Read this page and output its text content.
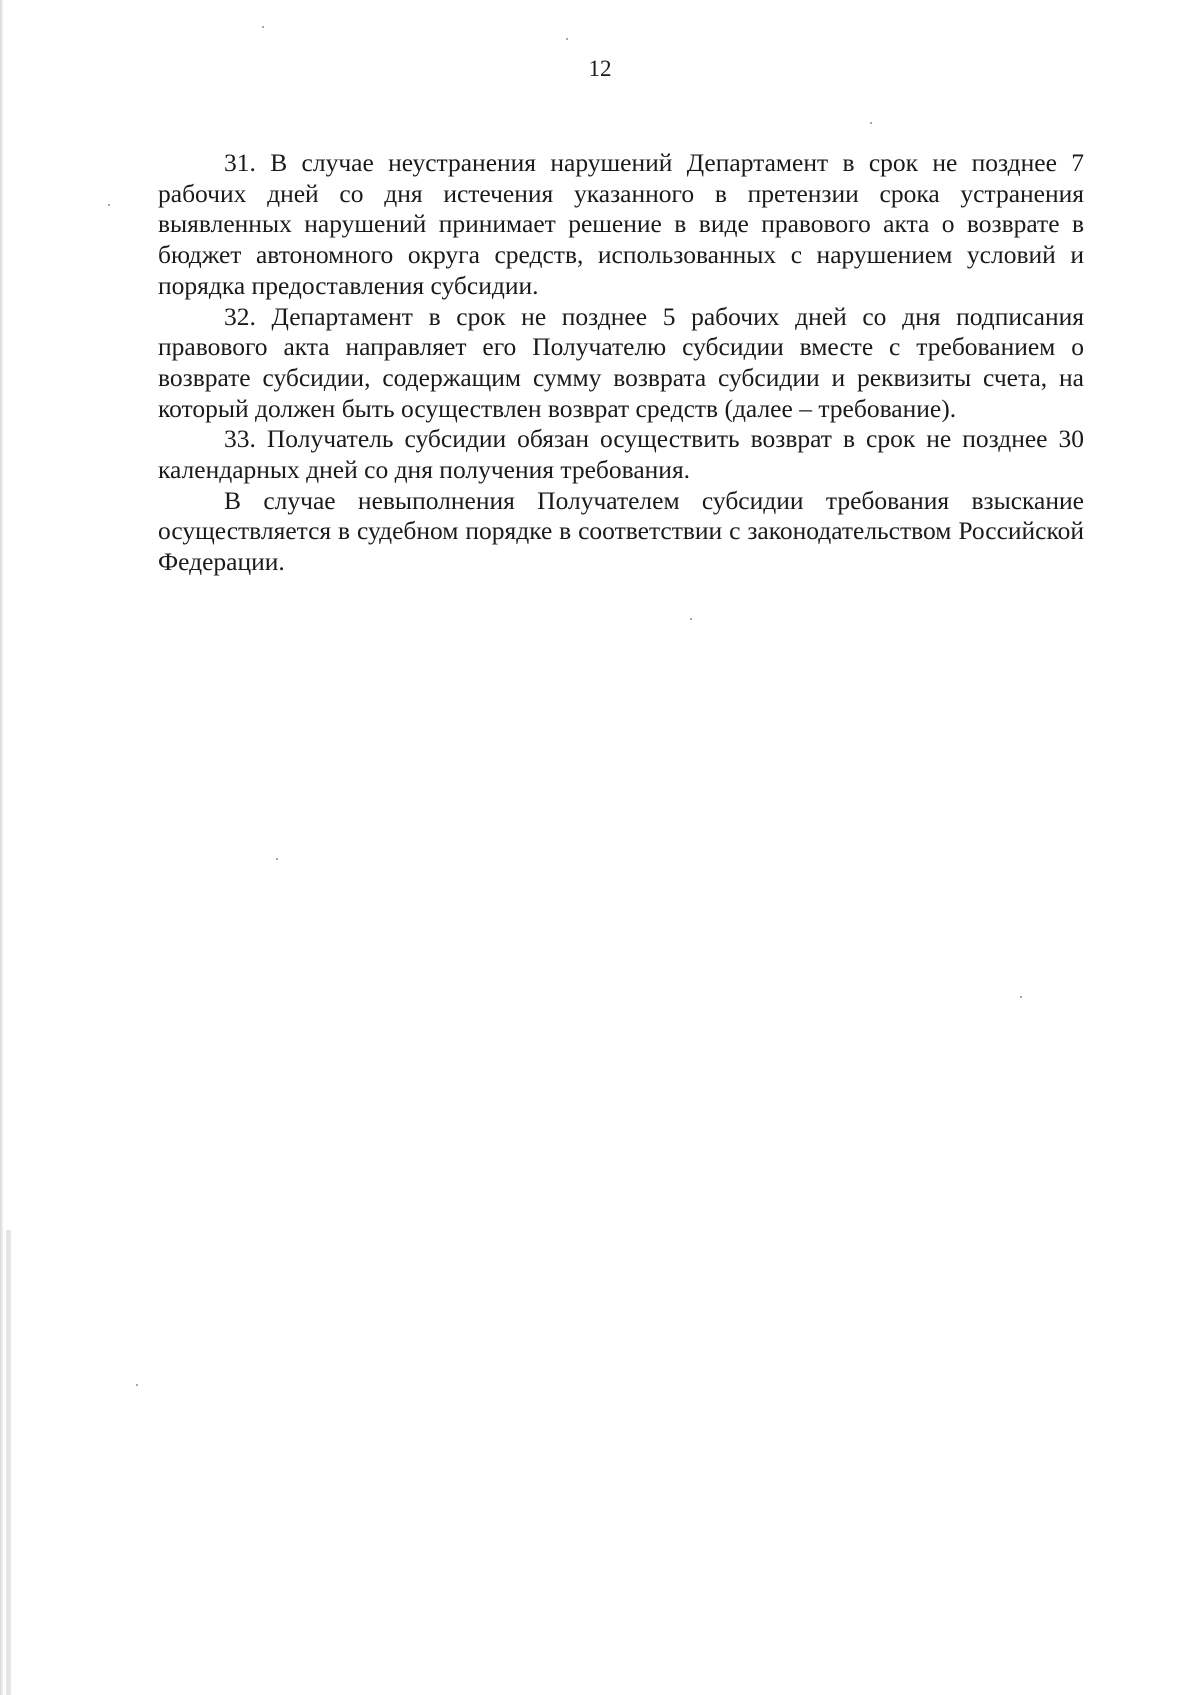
12

31. В случае неустранения нарушений Департамент в срок не позднее 7 рабочих дней со дня истечения указанного в претензии срока устранения выявленных нарушений принимает решение в виде правового акта о возврате в бюджет автономного округа средств, использованных с нарушением условий и порядка предоставления субсидии.

32. Департамент в срок не позднее 5 рабочих дней со дня подписания правового акта направляет его Получателю субсидии вместе с требованием о возврате субсидии, содержащим сумму возврата субсидии и реквизиты счета, на который должен быть осуществлен возврат средств (далее – требование).

33. Получатель субсидии обязан осуществить возврат в срок не позднее 30 календарных дней со дня получения требования.

В случае невыполнения Получателем субсидии требования взыскание осуществляется в судебном порядке в соответствии с законодательством Российской Федерации.
